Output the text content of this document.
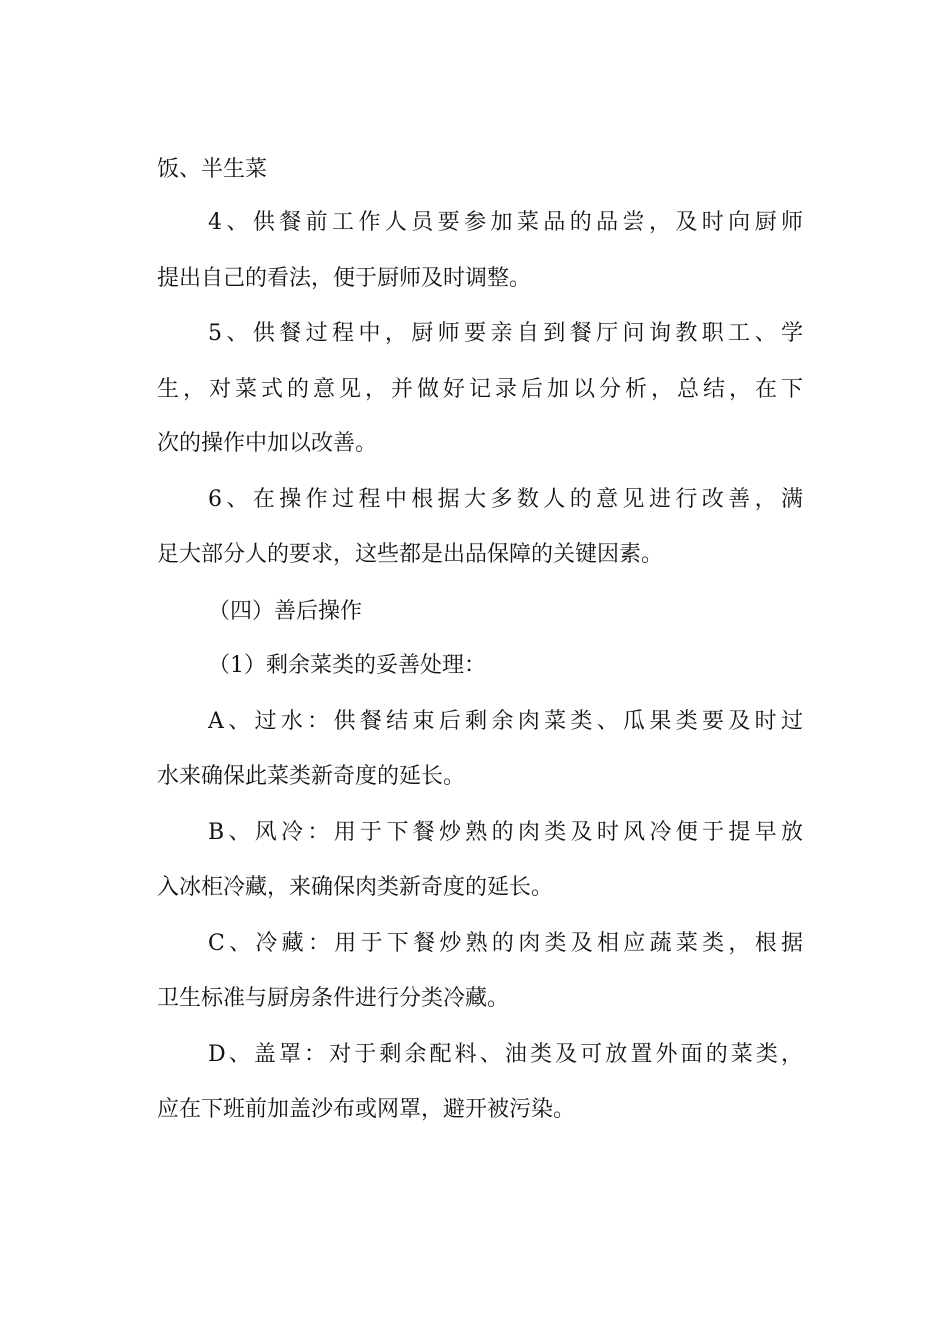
饭、半生菜
4、供餐前工作人员要参加菜品的品尝，及时向厨师
提出自己的看法，便于厨师及时调整。
5、供餐过程中，厨师要亲自到餐厅问询教职工、学
生，对菜式的意见，并做好记录后加以分析，总结，在下
次的操作中加以改善。
6、在操作过程中根据大多数人的意见进行改善，满
足大部分人的要求，这些都是出品保障的关键因素。
（四）善后操作
（1）剩余菜类的妥善处理：
A、过水：供餐结束后剩余肉菜类、瓜果类要及时过
水来确保此菜类新奇度的延长。
B、风冷：用于下餐炒熟的肉类及时风冷便于提早放
入冰柜冷藏，来确保肉类新奇度的延长。
C、冷藏：用于下餐炒熟的肉类及相应蔬菜类，根据
卫生标准与厨房条件进行分类冷藏。
D、盖罩：对于剩余配料、油类及可放置外面的菜类，
应在下班前加盖沙布或网罩，避开被污染。
